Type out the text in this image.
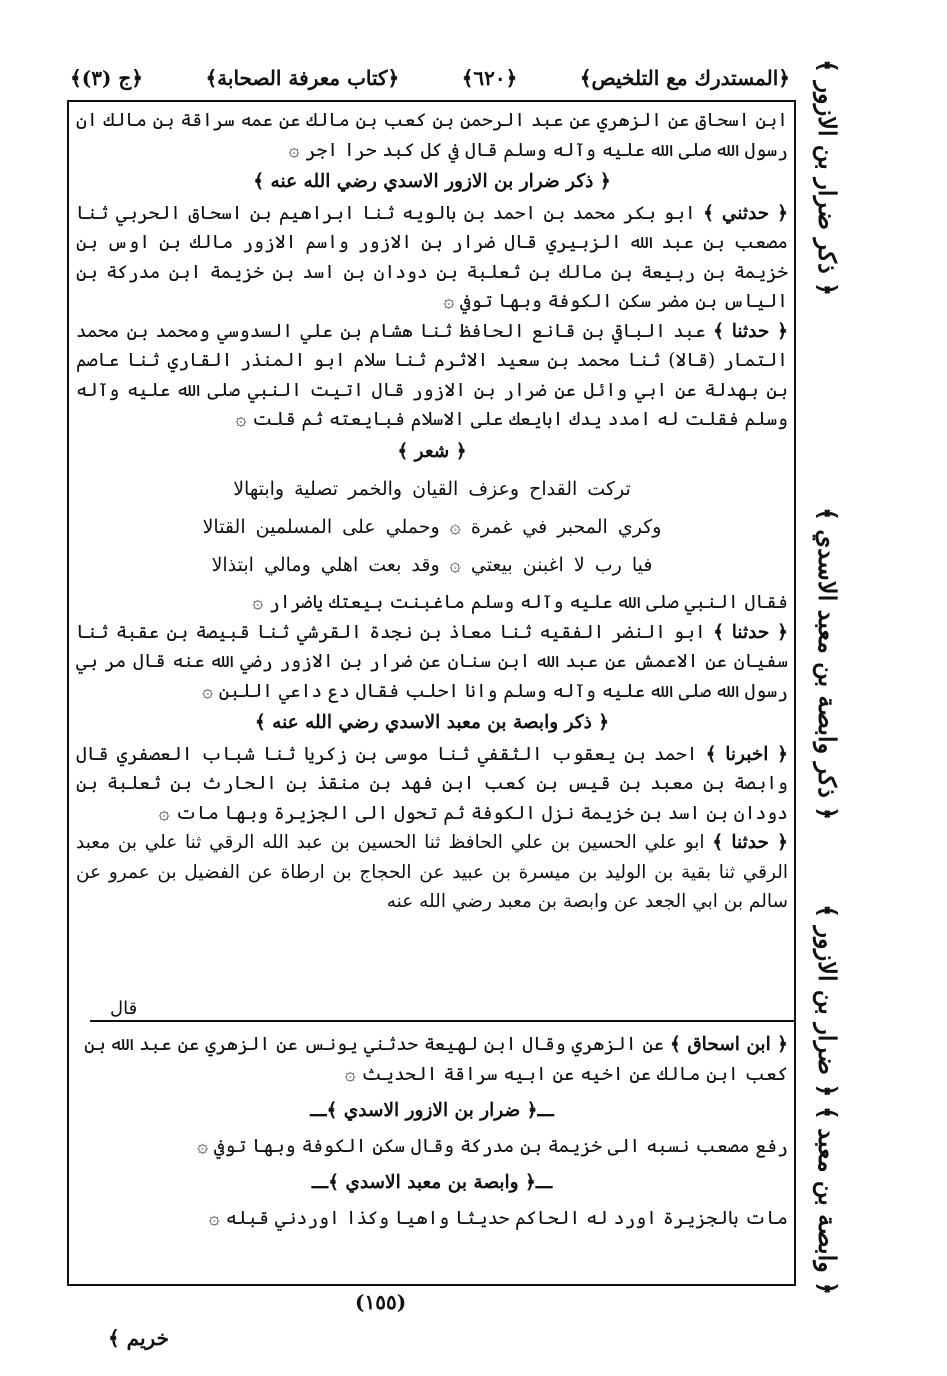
﴿المستدرك مع التلخيص﴾
﴿٦٢٠﴾
﴿كتاب معرفة الصحابة﴾
﴿ج (٣)﴾

ابن اسحاق عن الزهري عن عبد الرحمن بن كعب بن مالك عن عمه سراقة بن مالك ان رسول الله صلى الله عليه وآله وسلم قال في كل كبد حرا اجر ۞

﴿ ذكر ضرار بن الازور الاسدي رضي الله عنه ﴾

﴿ حدثني ﴾ ابو بكر محمد بن احمد بن بالويه ثنا ابراهيم بن اسحاق الحربي ثنا مصعب بن عبد الله الزبيري قال ضرار بن الازور واسم الازور مالك بن اوس بن خزيمة بن ربيعة بن مالك بن ثعلبة بن دودان بن اسد بن خزيمة ابن مدركة بن الياس بن مضر سكن الكوفة وبها توفي ۞

﴿ حدثنا ﴾ عبد الباقي بن قانع الحافظ ثنا هشام بن علي السدوسي ومحمد بن محمد التمار (قالا) ثنا محمد بن سعيد الاثرم ثنا سلام ابو المنذر القاري ثنا عاصم بن بهدلة عن ابي وائل عن ضرار بن الازور قال اتيت النبي صلى الله عليه وآله وسلم فقلت له امدد يدك ابايعك على الاسلام فبايعته ثم قلت ۞

﴿ شعر ﴾

تركت القداح وعزف القيان والخمر تصلية وابتهالا
وكري المحبر في غمرة ۞ وحملي على المسلمين القتالا
فيا رب لا اغبنن بيعتي ۞ وقد بعت اهلي ومالي ابتذالا

فقال النبي صلى الله عليه وآله وسلم ماغبنت بيعتك ياضرار ۞

﴿ حدثنا ﴾ ابو النضر الفقيه ثنا معاذ بن نجدة القرشي ثنا قبيصة بن عقبة ثنا سفيان عن الاعمش عن عبد الله ابن سنان عن ضرار بن الازور رضي الله عنه قال مر بي رسول الله صلى الله عليه وآله وسلم وانا احلب فقال دع داعي اللبن ۞

﴿ ذكر وابصة بن معبد الاسدي رضي الله عنه ﴾

﴿ اخبرنا ﴾ احمد بن يعقوب الثقفي ثنا موسى بن زكريا ثنا شباب العصفري قال وابصة بن معبد بن قيس بن كعب ابن فهد بن منقذ بن الحارث بن ثعلبة بن دودان بن اسد بن خزيمة نزل الكوفة ثم تحول الى الجزيرة وبها مات ۞

﴿ حدثنا ﴾ ابو علي الحسين بن علي الحافظ ثنا الحسين بن عبد الله الرقي ثنا علي بن معبد الرقي ثنا بقية بن الوليد بن ميسرة بن عبيد عن الحجاج بن ارطاة عن الفضيل بن عمرو عن سالم بن ابي الجعد عن وابصة بن معبد رضي الله عنه

قال

﴿ ابن اسحاق ﴾ عن الزهري وقال ابن لهيعة حدثني يونس عن الزهري عن عبد الله بن كعب ابن مالك عن اخيه عن ابيه سراقة الحديث ۞

ـــ﴿ ضرار بن الازور الاسدي ﴾ـــ

رفع مصعب نسبه الى خزيمة بن مدركة وقال سكن الكوفة وبها توفي ۞

ـــ﴿ وابصة بن معبد الاسدي ﴾ـــ

مات بالجزيرة اورد له الحاكم حديثا واهيا وكذا اوردني قبله ۞

﴿ ذكر ضرار بن الازور ﴾
﴿ ذكر وابصة بن معبد الاسدي ﴾
﴿ وابصة بن معبد ﴾ ﴿ ضرار بن الازور ﴾
(١٥٥)
خريم ﴾
